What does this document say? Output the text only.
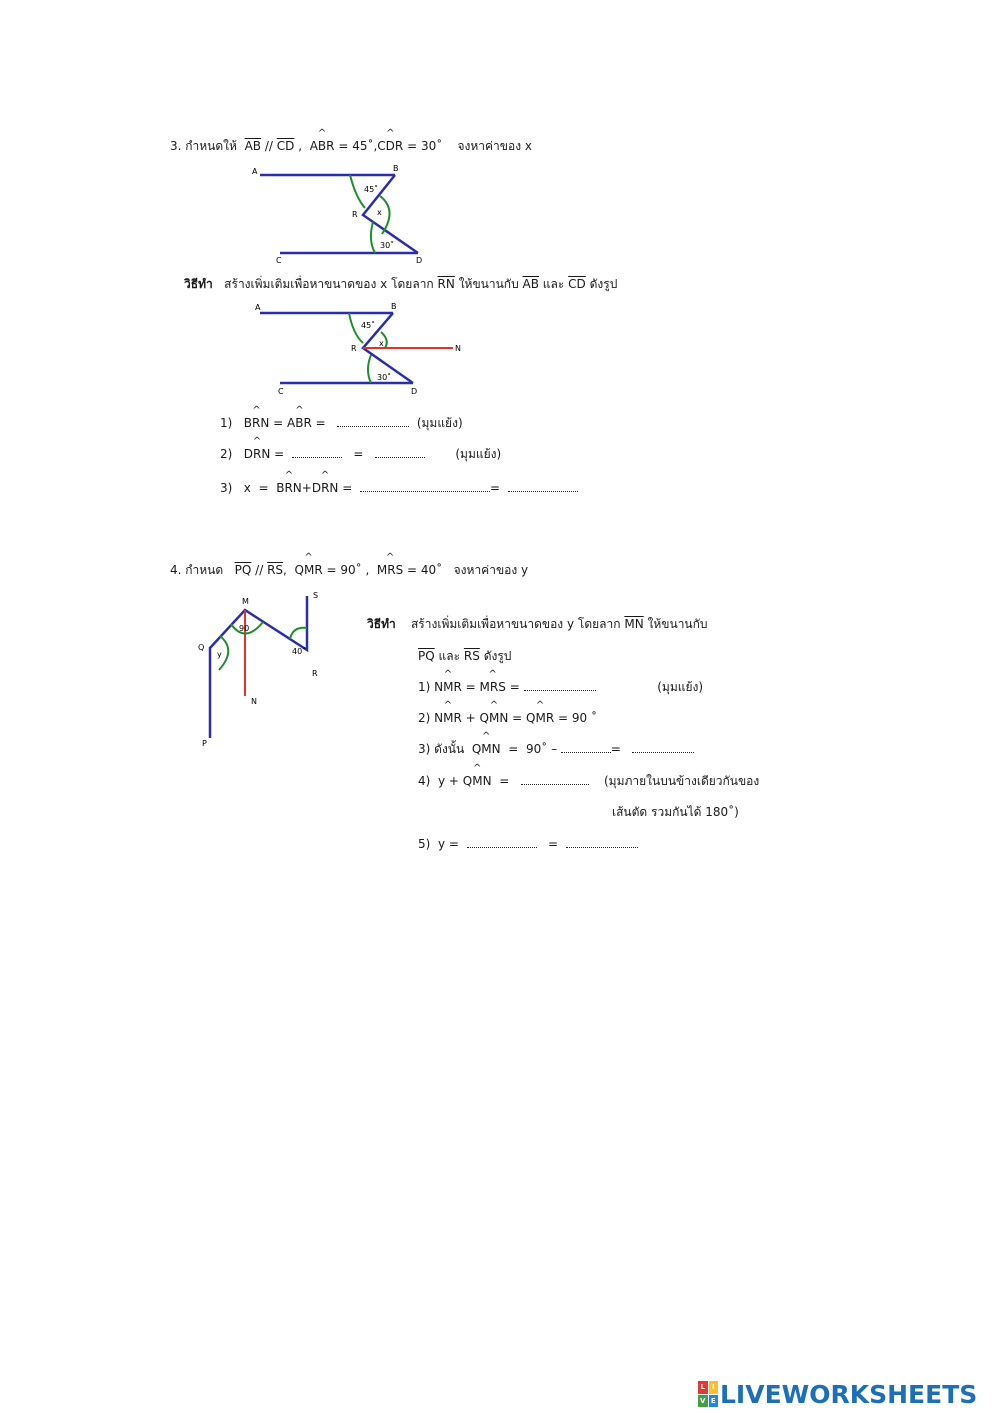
3. กำหนดให้ $\overline{AB} // \overline{CD}$ , ^ ABR = 45˚,^ CDR = 30˚ จงหาค่าของ x
A	B
R
C	D
45˚
x
30˚
วิธีทำ สร้างเพิ่มเติมเพื่อหาขนาดของ x โดยลาก $\overline{RN}$ ให้ขนานกับ $\overline{AB}$ และ $\overline{CD}$ ดังรูป
A	B
R	N
C	D
45˚
x
30˚
1) ^ BRN = ^ ABR =	(มุมแย้ง)
2) ^ DRN =	=	(มุมแย้ง)
3) x = ^ BRN+^ DRN =	=
4. กำหนด $\overline{PQ} // \overline{RS}$, ^ QMR = 90˚ , ^ MRS = 40˚ จงหาค่าของ y
M
S
Q
y
90
40˚
R
N
P
วิธีทำ สร้างเพิ่มเติมเพื่อหาขนาดของ y โดยลาก $\overline{MN}$ ให้ขนานกับ
$\overline{PQ}$ และ $\overline{RS}$ ดังรูป
1) ^ NMR = ^ MRS =	(มุมแย้ง)
2) ^ NMR + ^ QMN = ^ QMR = 90 ˚
3) ดังนั้น ^ QMN = 90˚ –	=
4) y + ^ QMN =	(มุมภายในบนข้างเดียวกันของ
เส้นตัด รวมกันได้ 180˚)
5) y =	=
L I
V E LIVEWORKSHEETS
